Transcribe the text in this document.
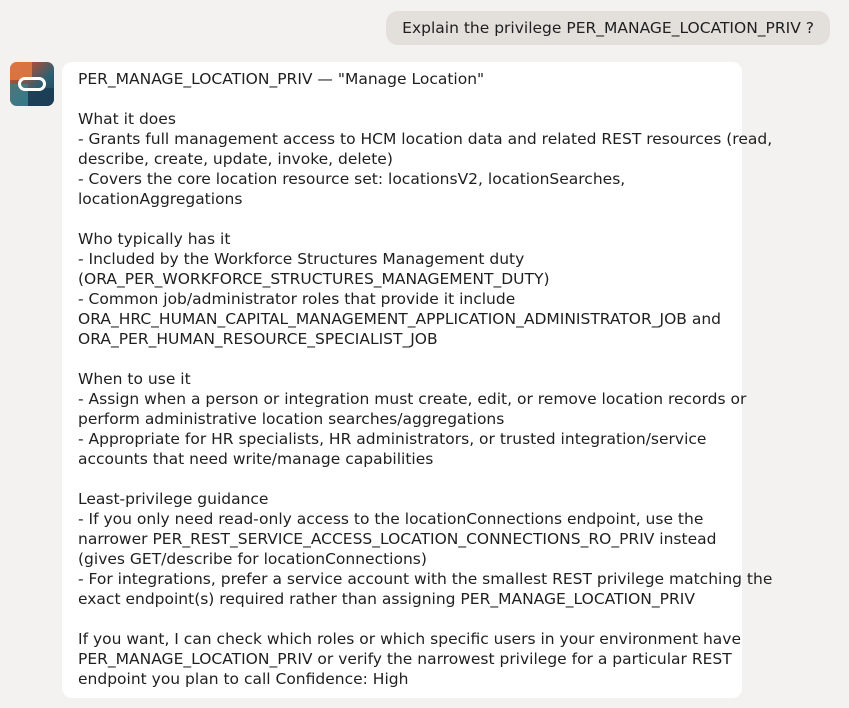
Explain the privilege PER_MANAGE_LOCATION_PRIV ?
PER_MANAGE_LOCATION_PRIV — "Manage Location"
What it does
- Grants full management access to HCM location data and related REST resources (read,
describe, create, update, invoke, delete)
- Covers the core location resource set: locationsV2, locationSearches,
locationAggregations
Who typically has it
- Included by the Workforce Structures Management duty
(ORA_PER_WORKFORCE_STRUCTURES_MANAGEMENT_DUTY)
- Common job/administrator roles that provide it include
ORA_HRC_HUMAN_CAPITAL_MANAGEMENT_APPLICATION_ADMINISTRATOR_JOB and
ORA_PER_HUMAN_RESOURCE_SPECIALIST_JOB
When to use it
- Assign when a person or integration must create, edit, or remove location records or
perform administrative location searches/aggregations
- Appropriate for HR specialists, HR administrators, or trusted integration/service
accounts that need write/manage capabilities
Least-privilege guidance
- If you only need read-only access to the locationConnections endpoint, use the
narrower PER_REST_SERVICE_ACCESS_LOCATION_CONNECTIONS_RO_PRIV instead
(gives GET/describe for locationConnections)
- For integrations, prefer a service account with the smallest REST privilege matching the
exact endpoint(s) required rather than assigning PER_MANAGE_LOCATION_PRIV
If you want, I can check which roles or which specific users in your environment have
PER_MANAGE_LOCATION_PRIV or verify the narrowest privilege for a particular REST
endpoint you plan to call Confidence: High
